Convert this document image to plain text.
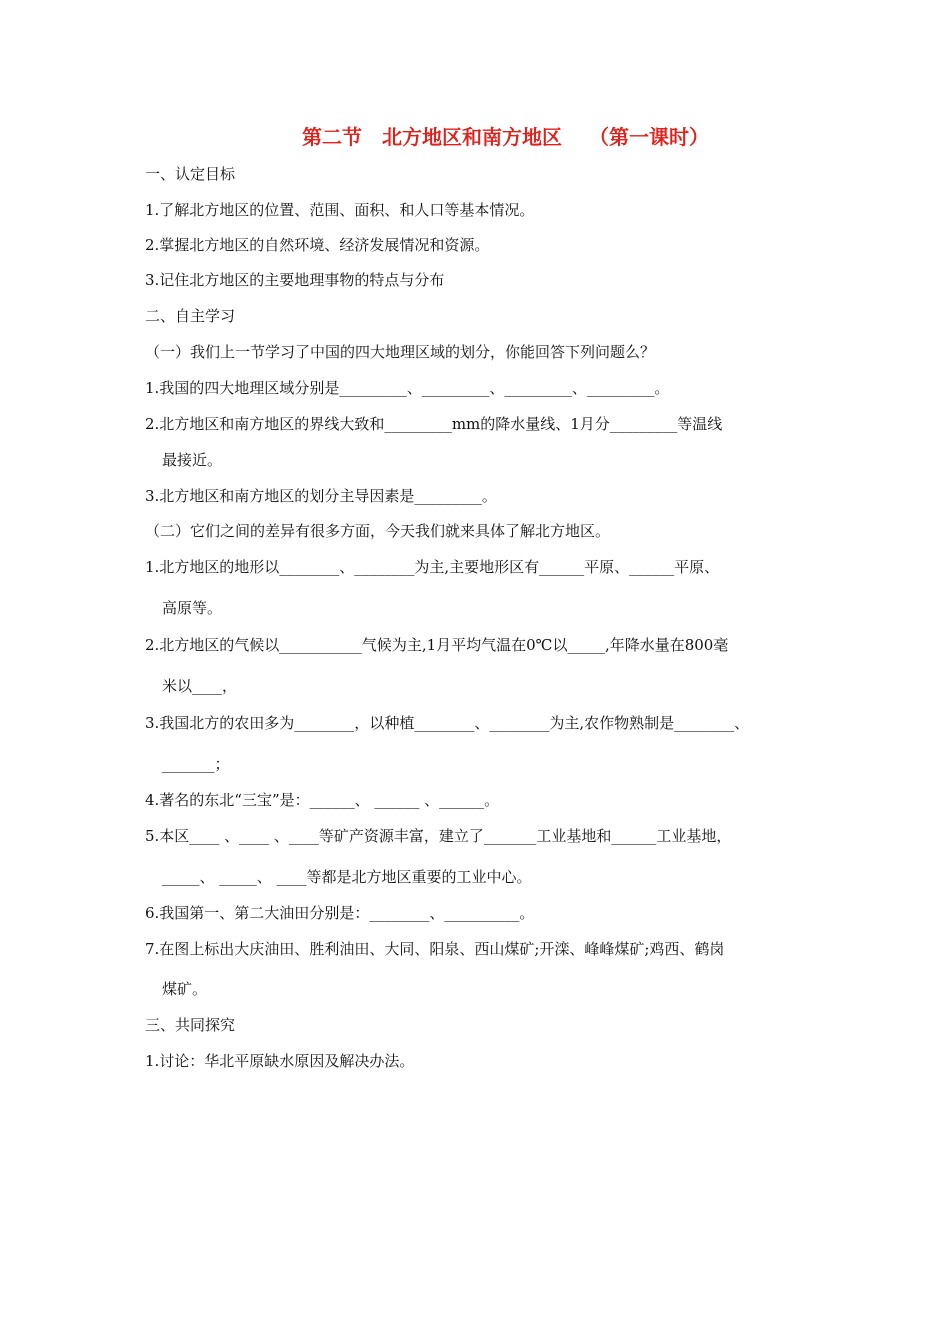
第二节　北方地区和南方地区　 （第一课时）

一、认定目标

1.了解北方地区的位置、范围、面积、和人口等基本情况。

2.掌握北方地区的自然环境、经济发展情况和资源。

3.记住北方地区的主要地理事物的特点与分布

二、自主学习

（一）我们上一节学习了中国的四大地理区域的划分，你能回答下列问题么？

1.我国的四大地理区域分别是_________、_________、_________、_________。

2.北方地区和南方地区的界线大致和_________mm的降水量线、1月分_________等温线

最接近。

3.北方地区和南方地区的划分主导因素是_________。

（二）它们之间的差异有很多方面，今天我们就来具体了解北方地区。

1.北方地区的地形以________、________为主,主要地形区有______平原、______平原、

高原等。

2.北方地区的气候以___________气候为主,1月平均气温在0℃以_____,年降水量在800毫

米以____，

3.我国北方的农田多为________，以种植________、________为主,农作物熟制是________、

_______；

4.著名的东北“三宝”是：______、 ______ 、______。

5.本区____ 、____ 、____等矿产资源丰富，建立了_______工业基地和______工业基地，

_____、 _____、 ____等都是北方地区重要的工业中心。

6.我国第一、第二大油田分别是：________、__________。

7.在图上标出大庆油田、胜利油田、大同、阳泉、西山煤矿;开滦、峰峰煤矿;鸡西、鹤岗

煤矿。

三、共同探究

1.讨论：华北平原缺水原因及解决办法。
